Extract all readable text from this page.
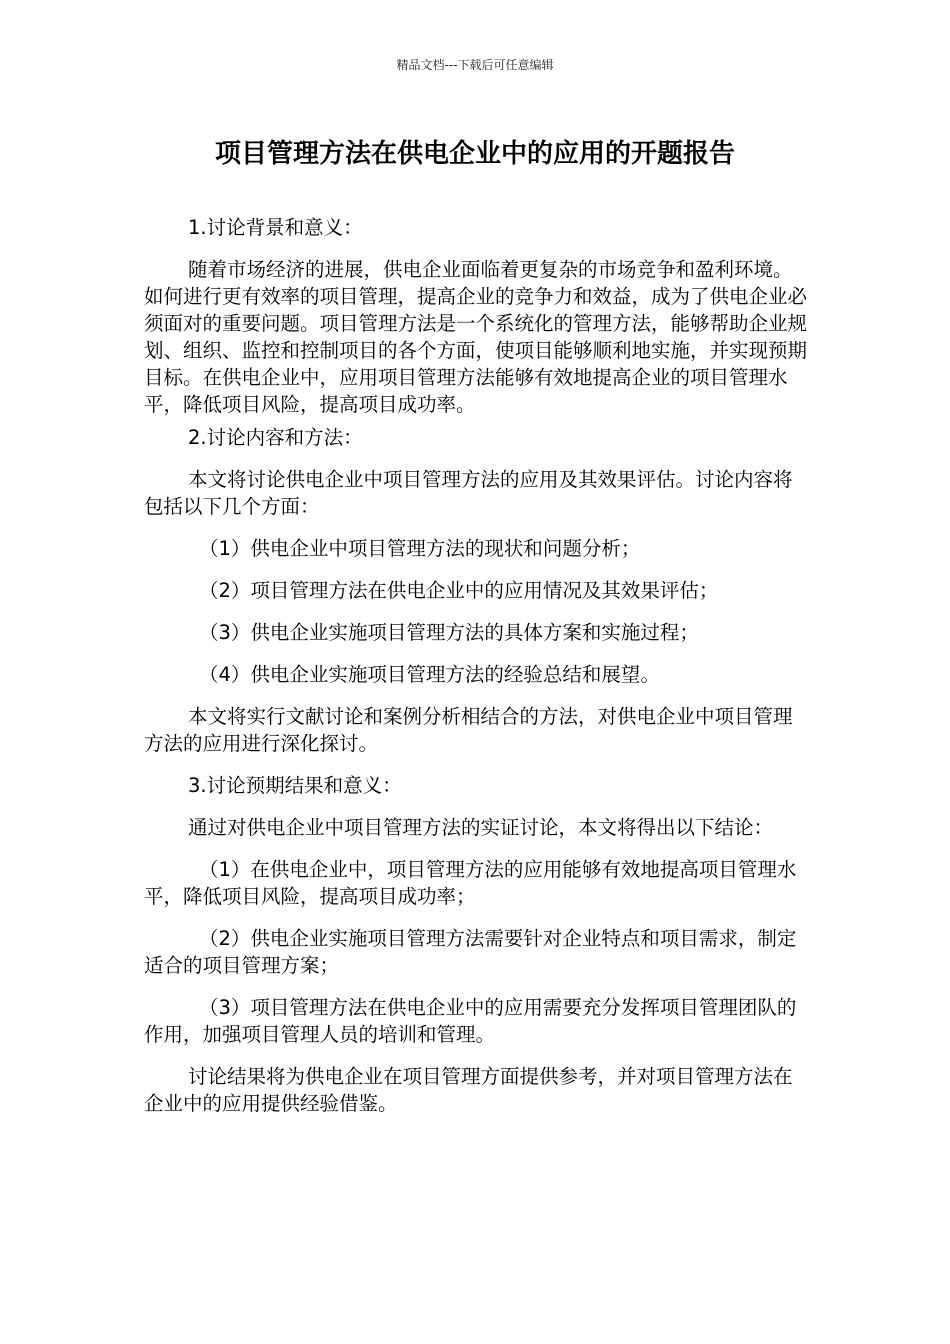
精品文档---下载后可任意编辑
项目管理方法在供电企业中的应用的开题报告

1.讨论背景和意义：

随着市场经济的进展，供电企业面临着更复杂的市场竞争和盈利环境。如何进行更有效率的项目管理，提高企业的竞争力和效益，成为了供电企业必须面对的重要问题。项目管理方法是一个系统化的管理方法，能够帮助企业规划、组织、监控和控制项目的各个方面，使项目能够顺利地实施，并实现预期目标。在供电企业中，应用项目管理方法能够有效地提高企业的项目管理水平，降低项目风险，提高项目成功率。

2.讨论内容和方法：

本文将讨论供电企业中项目管理方法的应用及其效果评估。讨论内容将包括以下几个方面：

（1）供电企业中项目管理方法的现状和问题分析；

（2）项目管理方法在供电企业中的应用情况及其效果评估；

（3）供电企业实施项目管理方法的具体方案和实施过程；

（4）供电企业实施项目管理方法的经验总结和展望。

本文将实行文献讨论和案例分析相结合的方法，对供电企业中项目管理方法的应用进行深化探讨。

3.讨论预期结果和意义：

通过对供电企业中项目管理方法的实证讨论，本文将得出以下结论：

（1）在供电企业中，项目管理方法的应用能够有效地提高项目管理水平，降低项目风险，提高项目成功率；

（2）供电企业实施项目管理方法需要针对企业特点和项目需求，制定适合的项目管理方案；

（3）项目管理方法在供电企业中的应用需要充分发挥项目管理团队的作用，加强项目管理人员的培训和管理。

讨论结果将为供电企业在项目管理方面提供参考，并对项目管理方法在企业中的应用提供经验借鉴。
